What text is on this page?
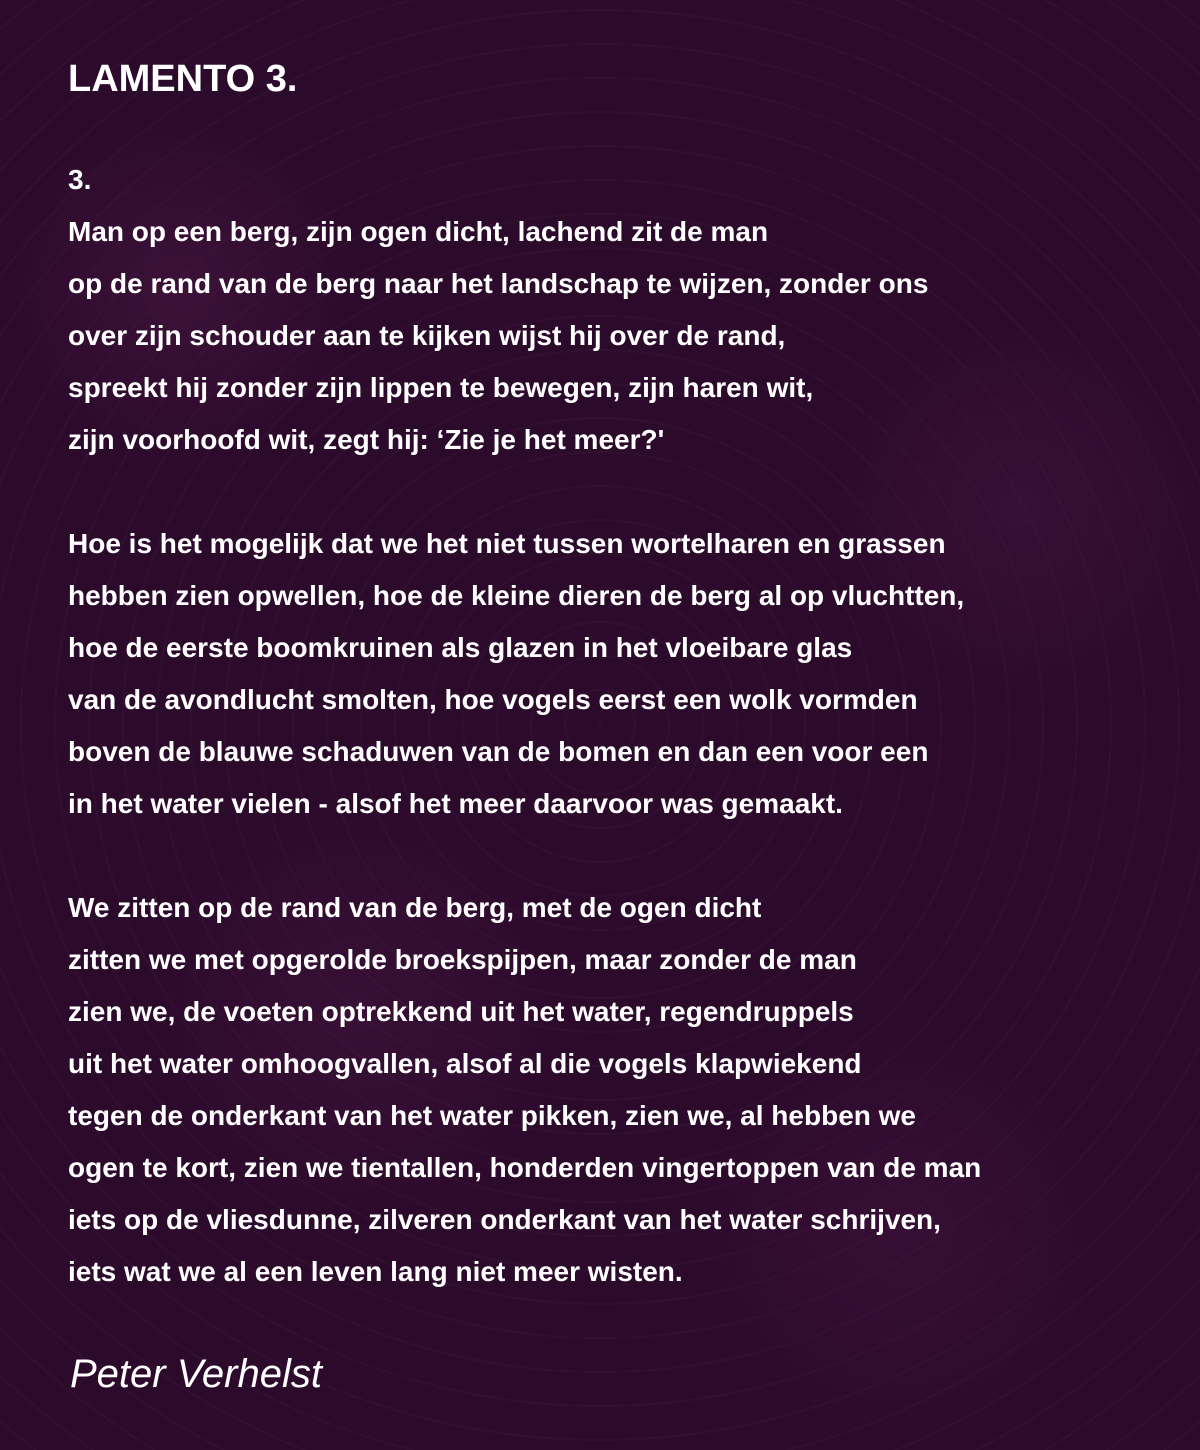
LAMENTO 3.
3.
Man op een berg, zijn ogen dicht, lachend zit de man
op de rand van de berg naar het landschap te wijzen, zonder ons
over zijn schouder aan te kijken wijst hij over de rand,
spreekt hij zonder zijn lippen te bewegen, zijn haren wit,
zijn voorhoofd wit, zegt hij: ‘Zie je het meer?'
Hoe is het mogelijk dat we het niet tussen wortelharen en grassen
hebben zien opwellen, hoe de kleine dieren de berg al op vluchtten,
hoe de eerste boomkruinen als glazen in het vloeibare glas
van de avondlucht smolten, hoe vogels eerst een wolk vormden
boven de blauwe schaduwen van de bomen en dan een voor een
in het water vielen - alsof het meer daarvoor was gemaakt.
We zitten op de rand van de berg, met de ogen dicht
zitten we met opgerolde broekspijpen, maar zonder de man
zien we, de voeten optrekkend uit het water, regendruppels
uit het water omhoogvallen, alsof al die vogels klapwiekend
tegen de onderkant van het water pikken, zien we, al hebben we
ogen te kort, zien we tientallen, honderden vingertoppen van de man
iets op de vliesdunne, zilveren onderkant van het water schrijven,
iets wat we al een leven lang niet meer wisten.
Peter Verhelst
